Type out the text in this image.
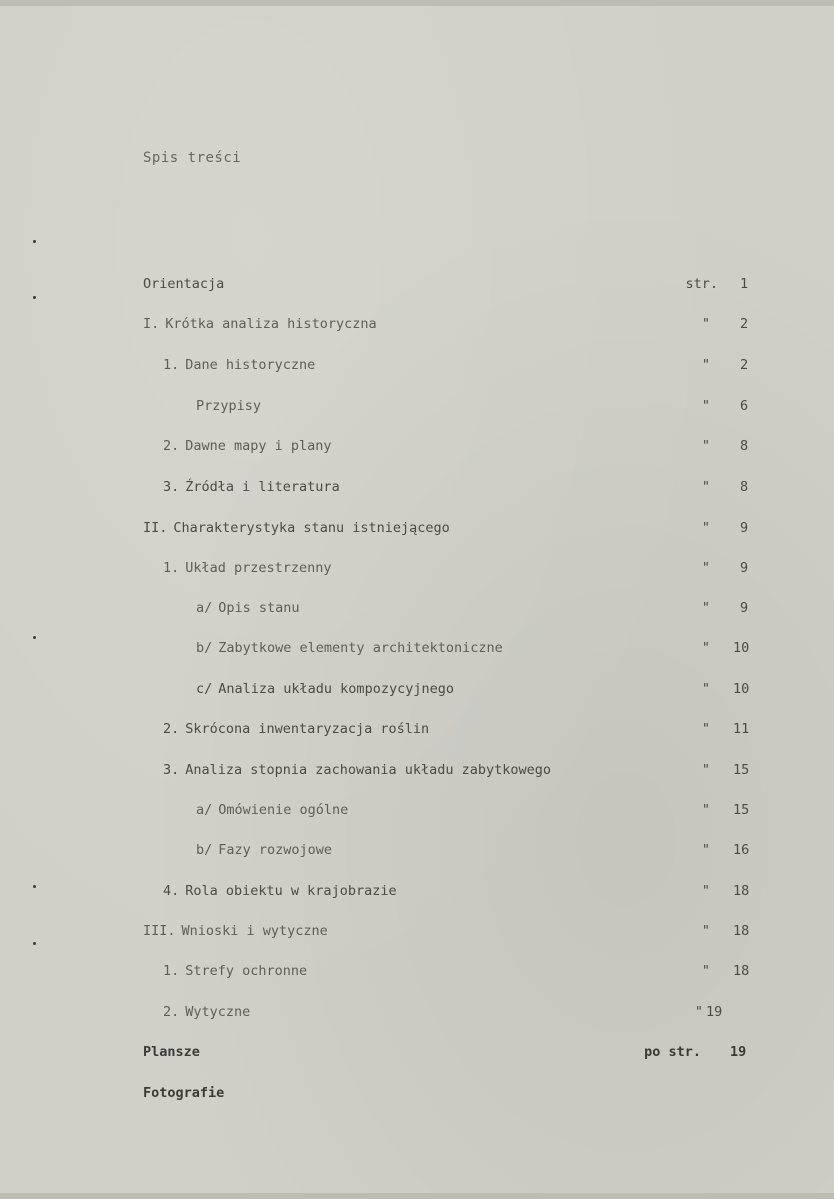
Spis treści
Orientacja	str. 1
I. Krótka analiza historyczna	" 2
1. Dane historyczne	" 2
Przypisy	" 6
2. Dawne mapy i plany	" 8
3. Źródła i literatura	" 8
II. Charakterystyka stanu istniejącego	" 9
1. Układ przestrzenny	" 9
a/ Opis stanu	" 9
b/ Zabytkowe elementy architektoniczne	" 10
c/ Analiza układu kompozycyjnego	" 10
2. Skrócona inwentaryzacja roślin	" 11
3. Analiza stopnia zachowania układu zabytkowego	" 15
a/ Omówienie ogólne	" 15
b/ Fazy rozwojowe	" 16
4. Rola obiektu w krajobrazie	" 18
III. Wnioski i wytyczne	" 18
1. Strefy ochronne	" 18
2. Wytyczne	" 19
Plansze	po str. 19
Fotografie
